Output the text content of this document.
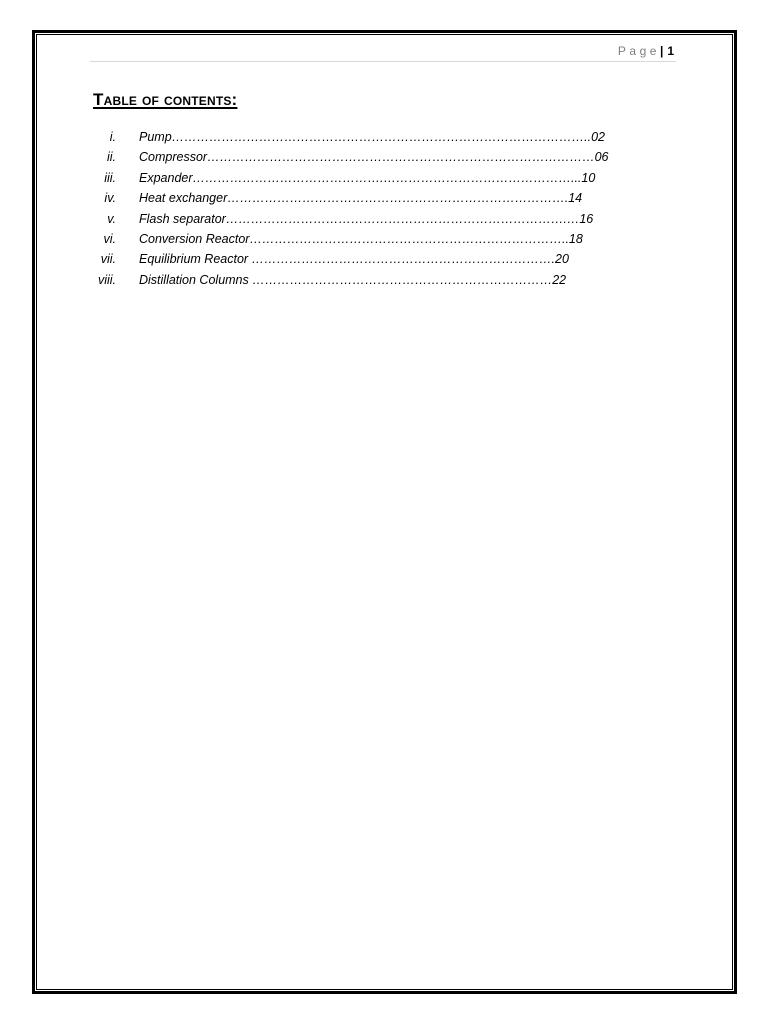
Page| 1
Table of contents:
i. Pump………………………………………………………………………………………..02
ii. Compressor…………………………………………………………………………………06
iii. Expander……………………………………….………………………………………...10
iv. Heat exchanger……………………………………………………………………….14
v. Flash separator……………………………………………………………………….…16
vi. Conversion Reactor…………………………………………………………………..18
vii. Equilibrium Reactor ……………………………………………………………….20
viii. Distillation Columns ………………………………………………………………22
